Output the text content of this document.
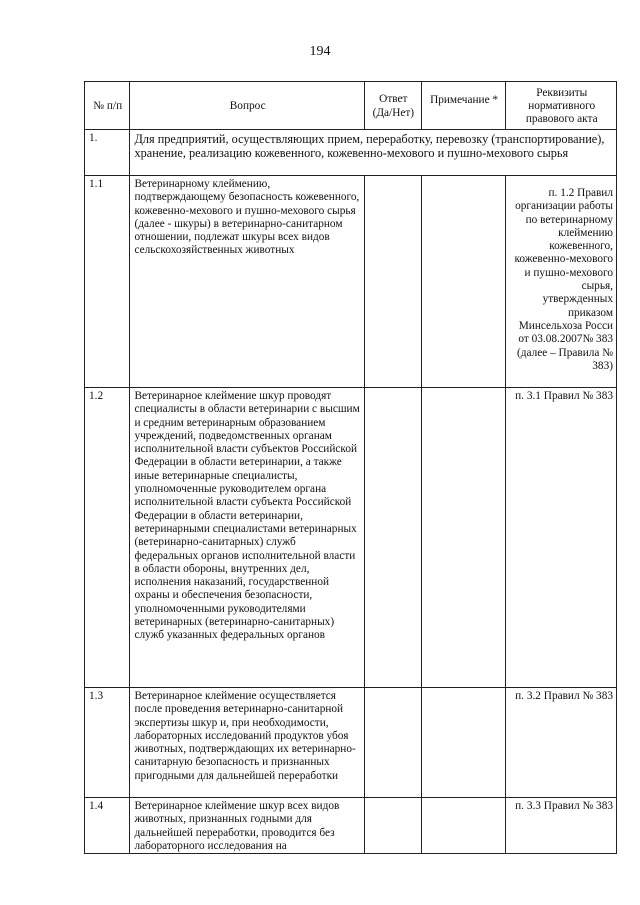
194
№ п/п	Вопрос	Ответ (Да/Нет)	Примечание *	Реквизиты нормативного правового акта
1.	Для предприятий, осуществляющих прием, переработку, перевозку (транспортирование), хранение, реализацию кожевенного, кожевенно-мехового и пушно-мехового сырья			
1.1	Ветеринарному клеймению, подтверждающему безопасность кожевенного, кожевенно-мехового и пушно-мехового сырья (далее - шкуры) в ветеринарно-санитарном отношении, подлежат шкуры всех видов сельскохозяйственных животных			п. 1.2 Правил организации работы по ветеринарному клеймению кожевенного, кожевенно-мехового и пушно-мехового сырья, утвержденных приказом Минсельхоза Росси от 03.08.2007№ 383 (далее – Правила № 383)
1.2	Ветеринарное клеймение шкур проводят специалисты в области ветеринарии с высшим и средним ветеринарным образованием учреждений, подведомственных органам исполнительной власти субъектов Российской Федерации в области ветеринарии, а также иные ветеринарные специалисты, уполномоченные руководителем органа исполнительной власти субъекта Российской Федерации в области ветеринарии, ветеринарными специалистами ветеринарных (ветеринарно-санитарных) служб федеральных органов исполнительной власти в области обороны, внутренних дел, исполнения наказаний, государственной охраны и обеспечения безопасности, уполномоченными руководителями ветеринарных (ветеринарно-санитарных) служб указанных федеральных органов			п. 3.1 Правил № 383
1.3	Ветеринарное клеймение осуществляется после проведения ветеринарно-санитарной экспертизы шкур и, при необходимости, лабораторных исследований продуктов убоя животных, подтверждающих их ветеринарно-санитарную безопасность и признанных пригодными для дальнейшей переработки			п. 3.2 Правил № 383
1.4	Ветеринарное клеймение шкур всех видов животных, признанных годными для дальнейшей переработки, проводится без лабораторного исследования на			п. 3.3 Правил № 383
